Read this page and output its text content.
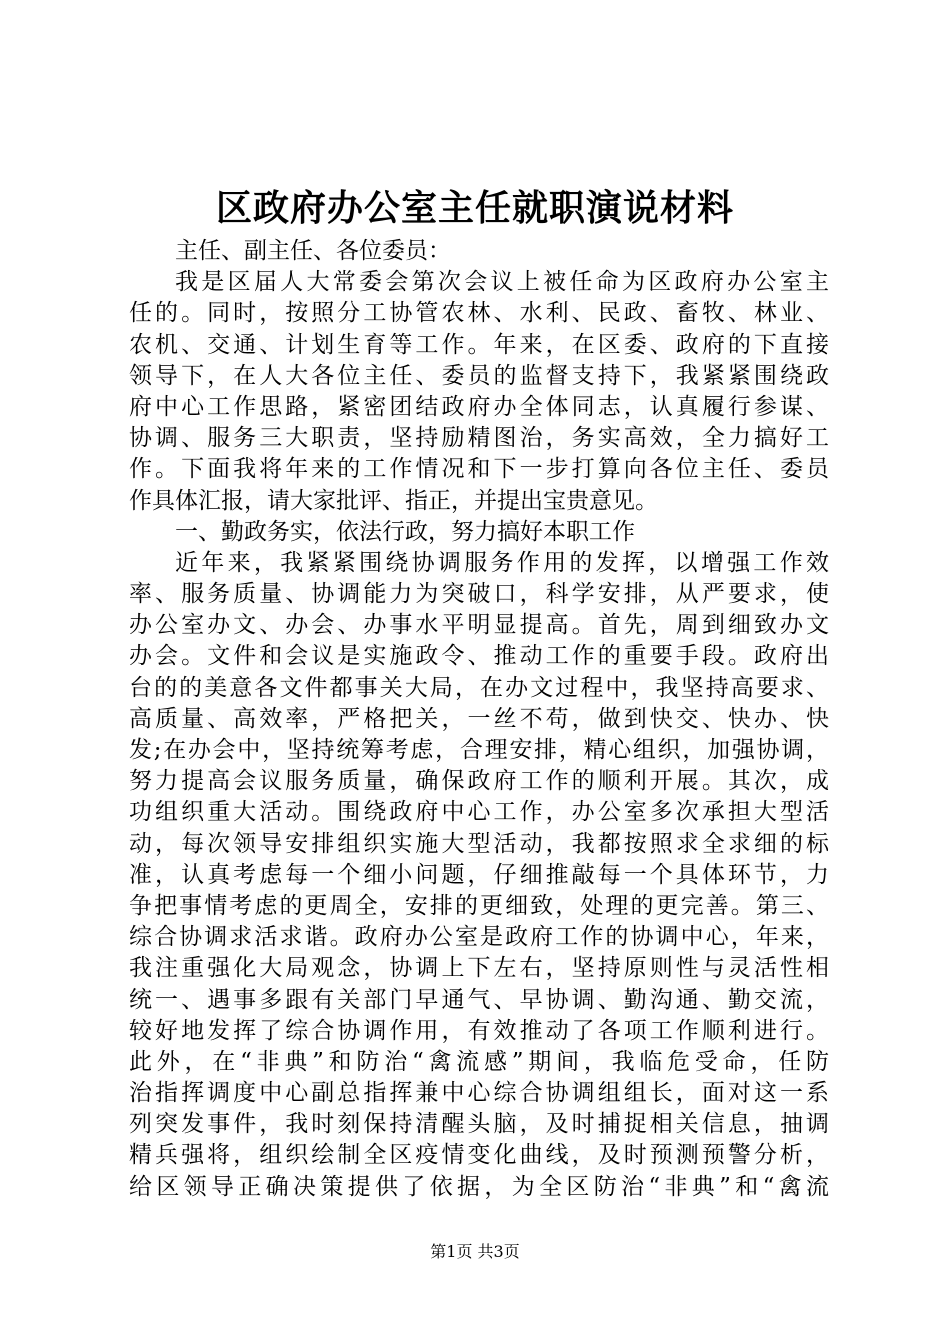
区政府办公室主任就职演说材料
主任、副主任、各位委员：
我是区届人大常委会第次会议上被任命为区政府办公室主
任的。同时，按照分工协管农林、水利、民政、畜牧、林业、
农机、交通、计划生育等工作。年来，在区委、政府的下直接
领导下，在人大各位主任、委员的监督支持下，我紧紧围绕政
府中心工作思路，紧密团结政府办全体同志，认真履行参谋、
协调、服务三大职责，坚持励精图治，务实高效，全力搞好工
作。下面我将年来的工作情况和下一步打算向各位主任、委员
作具体汇报，请大家批评、指正，并提出宝贵意见。
一、勤政务实，依法行政，努力搞好本职工作
近年来，我紧紧围绕协调服务作用的发挥，以增强工作效
率、服务质量、协调能力为突破口，科学安排，从严要求，使
办公室办文、办会、办事水平明显提高。首先，周到细致办文
办会。文件和会议是实施政令、推动工作的重要手段。政府出
台的的美意各文件都事关大局，在办文过程中，我坚持高要求、
高质量、高效率，严格把关，一丝不苟，做到快交、快办、快
发;在办会中，坚持统筹考虑，合理安排，精心组织，加强协调，
努力提高会议服务质量，确保政府工作的顺利开展。其次，成
功组织重大活动。围绕政府中心工作，办公室多次承担大型活
动，每次领导安排组织实施大型活动，我都按照求全求细的标
准，认真考虑每一个细小问题，仔细推敲每一个具体环节，力
争把事情考虑的更周全，安排的更细致，处理的更完善。第三、
综合协调求活求谐。政府办公室是政府工作的协调中心，年来，
我注重强化大局观念，协调上下左右，坚持原则性与灵活性相
统一、遇事多跟有关部门早通气、早协调、勤沟通、勤交流，
较好地发挥了综合协调作用，有效推动了各项工作顺利进行。
此外，在“非典”和防治“禽流感”期间，我临危受命，任防
治指挥调度中心副总指挥兼中心综合协调组组长，面对这一系
列突发事件，我时刻保持清醒头脑，及时捕捉相关信息，抽调
精兵强将，组织绘制全区疫情变化曲线，及时预测预警分析，
给区领导正确决策提供了依据，为全区防治“非典”和“禽流
第1页 共3页
